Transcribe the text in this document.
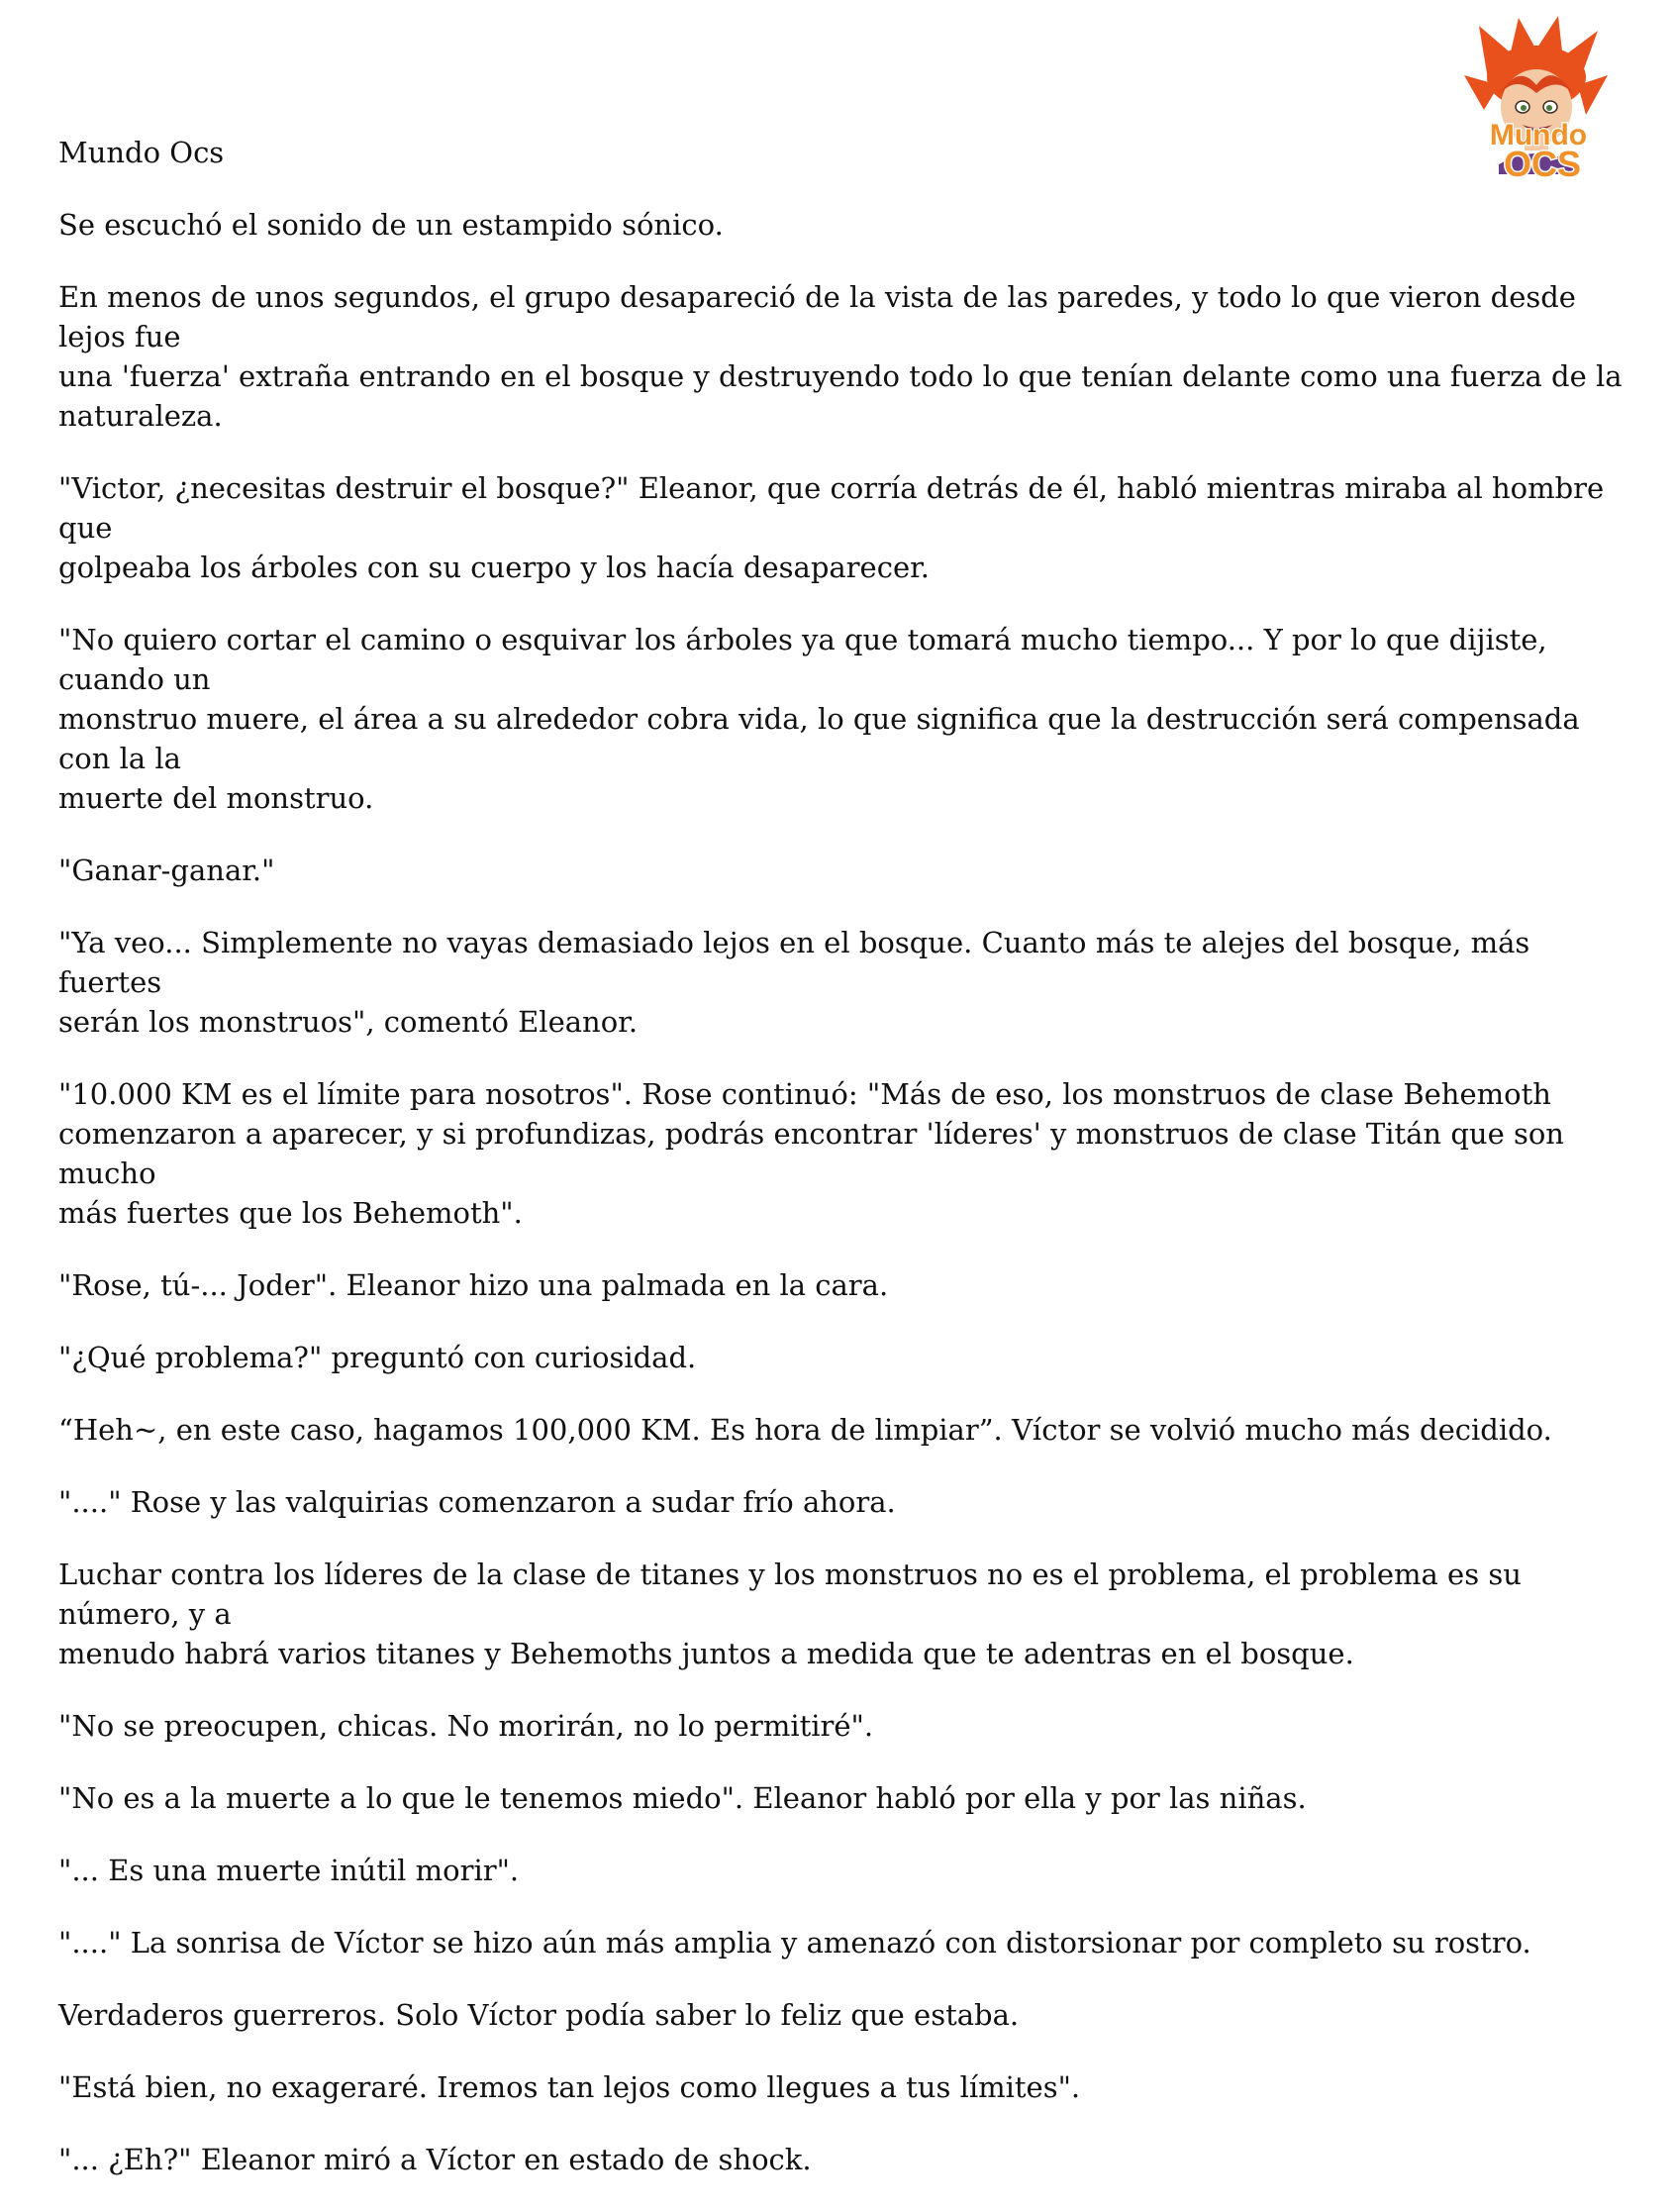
Mundo Ocs
Mundo
OCS

Se escuchó el sonido de un estampido sónico.

En menos de unos segundos, el grupo desapareció de la vista de las paredes, y todo lo que vieron desde lejos fue
una 'fuerza' extraña entrando en el bosque y destruyendo todo lo que tenían delante como una fuerza de la
naturaleza.

"Victor, ¿necesitas destruir el bosque?" Eleanor, que corría detrás de él, habló mientras miraba al hombre que
golpeaba los árboles con su cuerpo y los hacía desaparecer.

"No quiero cortar el camino o esquivar los árboles ya que tomará mucho tiempo... Y por lo que dijiste, cuando un
monstruo muere, el área a su alrededor cobra vida, lo que significa que la destrucción será compensada con la la
muerte del monstruo.

"Ganar-ganar."

"Ya veo... Simplemente no vayas demasiado lejos en el bosque. Cuanto más te alejes del bosque, más fuertes
serán los monstruos", comentó Eleanor.

"10.000 KM es el límite para nosotros". Rose continuó: "Más de eso, los monstruos de clase Behemoth
comenzaron a aparecer, y si profundizas, podrás encontrar 'líderes' y monstruos de clase Titán que son mucho
más fuertes que los Behemoth".

"Rose, tú-... Joder". Eleanor hizo una palmada en la cara.

"¿Qué problema?" preguntó con curiosidad.

“Heh~, en este caso, hagamos 100,000 KM. Es hora de limpiar”. Víctor se volvió mucho más decidido.

"...." Rose y las valquirias comenzaron a sudar frío ahora.

Luchar contra los líderes de la clase de titanes y los monstruos no es el problema, el problema es su número, y a
menudo habrá varios titanes y Behemoths juntos a medida que te adentras en el bosque.

"No se preocupen, chicas. No morirán, no lo permitiré".

"No es a la muerte a lo que le tenemos miedo". Eleanor habló por ella y por las niñas.

"... Es una muerte inútil morir".

"...." La sonrisa de Víctor se hizo aún más amplia y amenazó con distorsionar por completo su rostro.

Verdaderos guerreros. Solo Víctor podía saber lo feliz que estaba.

"Está bien, no exageraré. Iremos tan lejos como llegues a tus límites".

"... ¿Eh?" Eleanor miró a Víctor en estado de shock.
